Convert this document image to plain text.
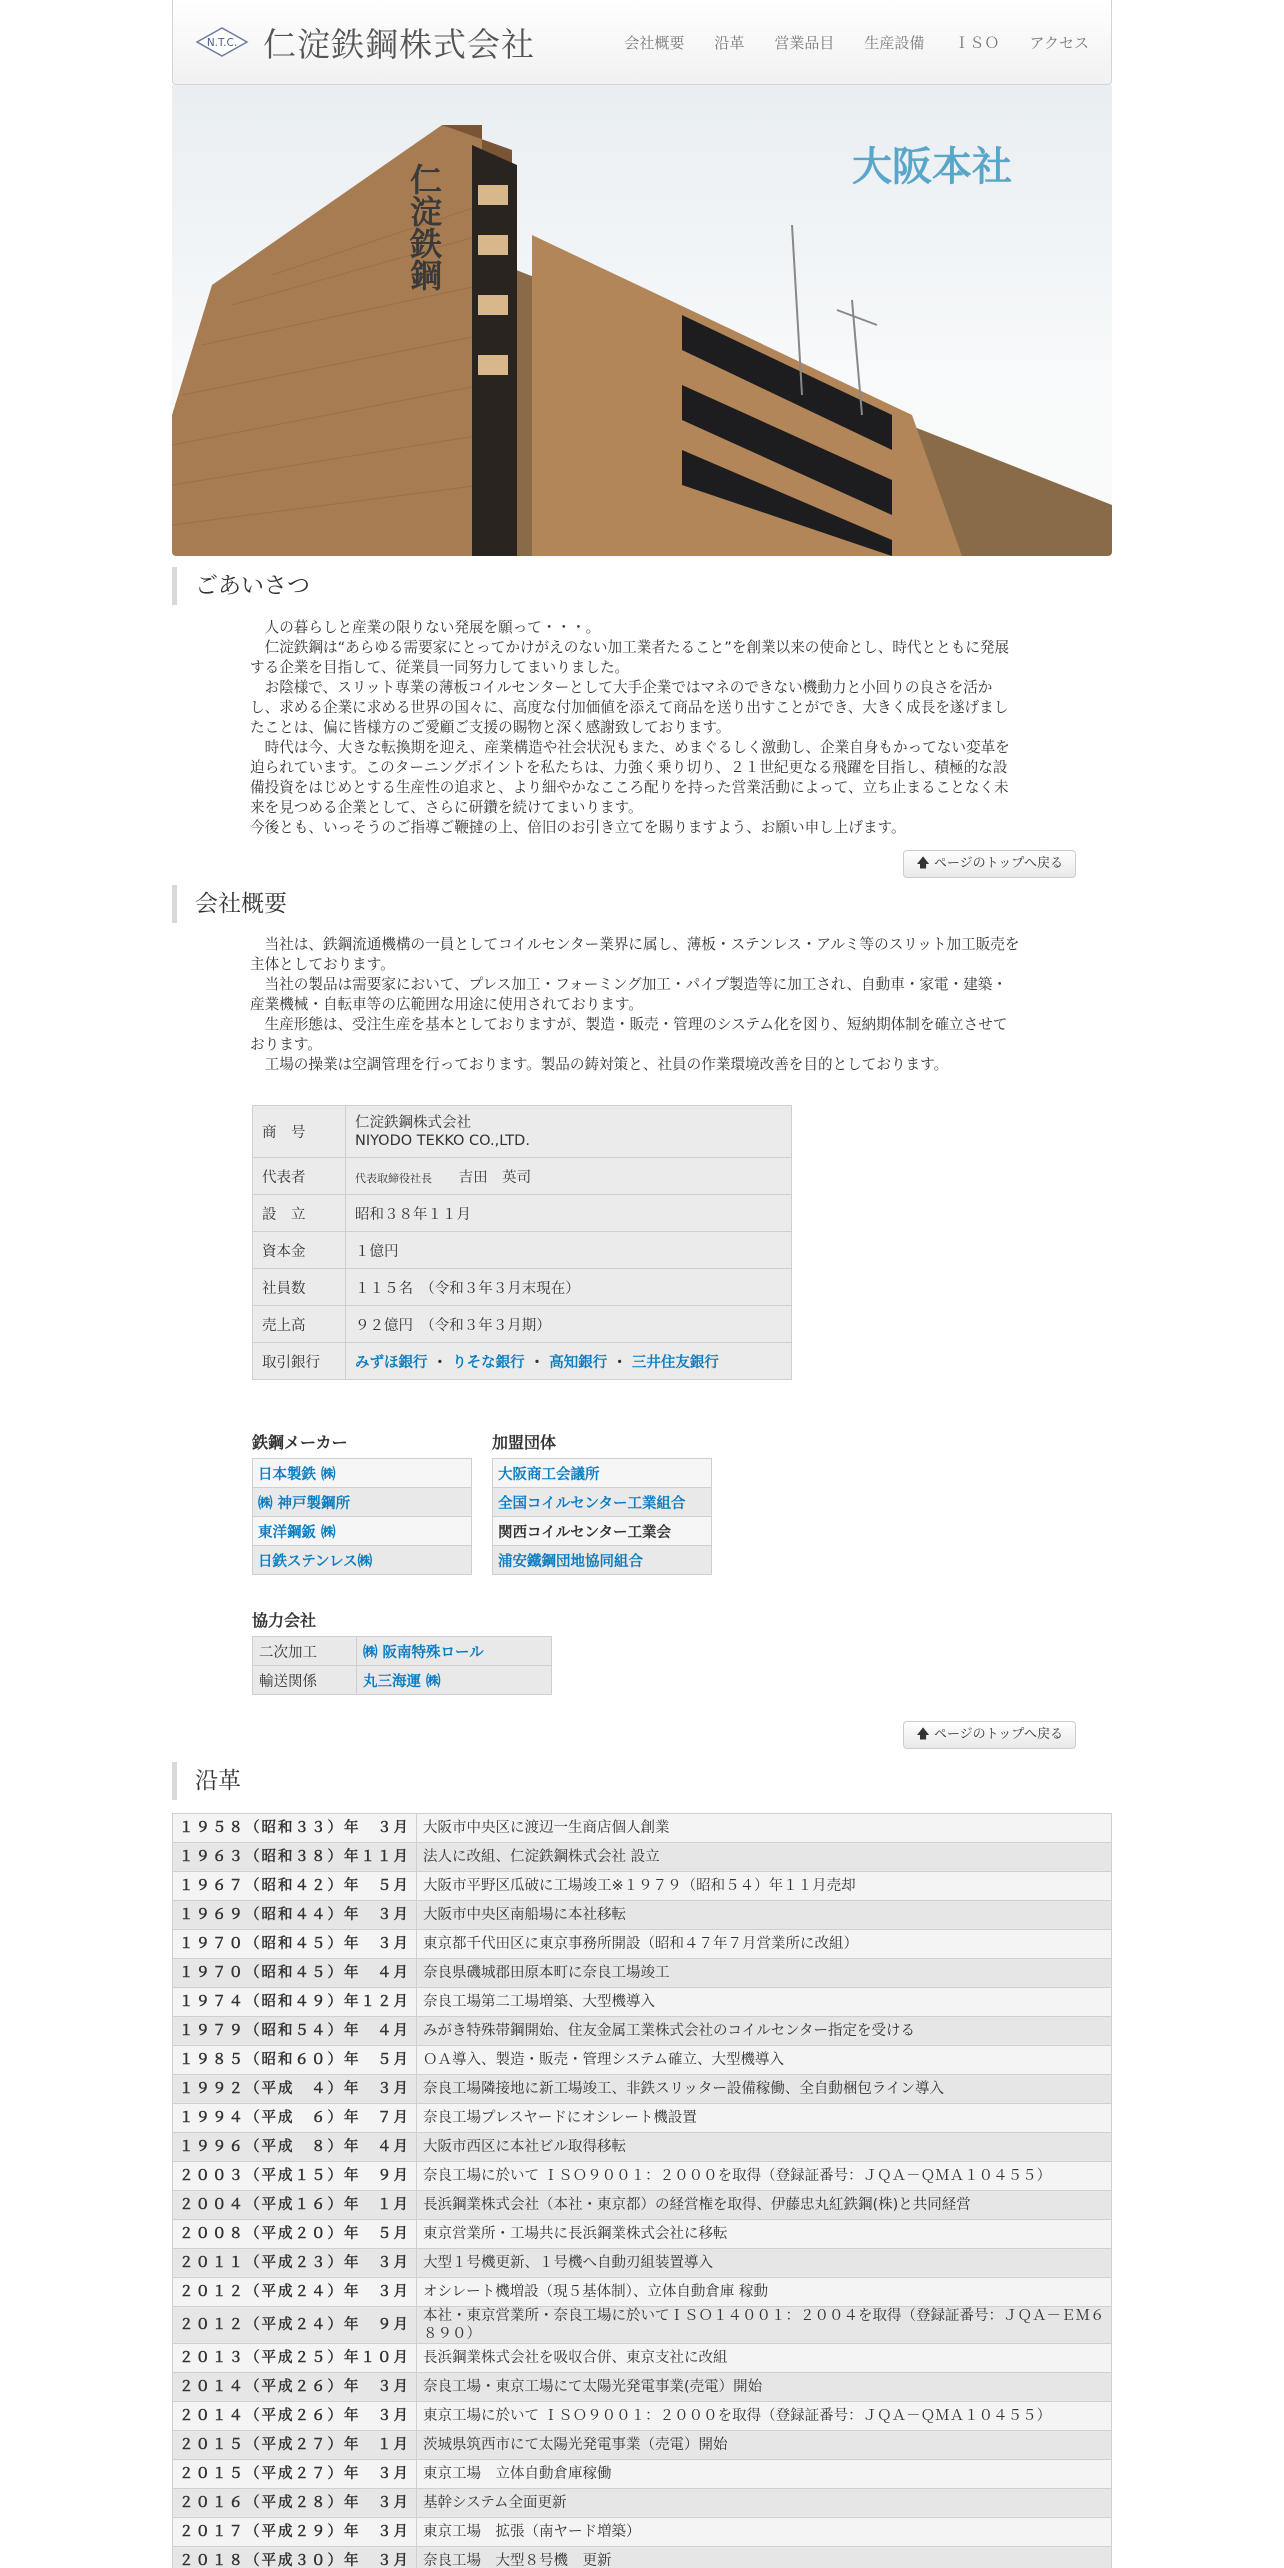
N.T.C. 仁淀鉄鋼株式会社	会社概要 沿革 営業品目 生産設備 ＩＳＯ アクセス
仁淀鉄鋼	大阪本社
ごあいさつ

　人の暮らしと産業の限りない発展を願って・・・。

　仁淀鉄鋼は“あらゆる需要家にとってかけがえのない加工業者たること”を創業以来の使命とし、時代とともに発展する企業を目指して、従業員一同努力してまいりました。

　お陰様で、スリット専業の薄板コイルセンターとして大手企業ではマネのできない機動力と小回りの良さを活かし、求める企業に求める世界の国々に、高度な付加価値を添えて商品を送り出すことができ、大きく成長を遂げましたことは、偏に皆様方のご愛顧ご支援の賜物と深く感謝致しております。

　時代は今、大きな転換期を迎え、産業構造や社会状況もまた、めまぐるしく激動し、企業自身もかってない変革を迫られています。このターニングポイントを私たちは、力強く乗り切り、２１世紀更なる飛躍を目指し、積極的な設備投資をはじめとする生産性の追求と、より細やかなこころ配りを持った営業活動によって、立ち止まることなく未来を見つめる企業として、さらに研鑽を続けてまいります。

今後とも、いっそうのご指導ご鞭撻の上、倍旧のお引き立てを賜りますよう、お願い申し上げます。

🡅 ページのトップへ戻る
会社概要

　当社は、鉄鋼流通機構の一員としてコイルセンター業界に属し、薄板・ステンレス・アルミ等のスリット加工販売を主体としております。

　当社の製品は需要家において、プレス加工・フォーミング加工・パイプ製造等に加工され、自動車・家電・建築・産業機械・自転車等の広範囲な用途に使用されております。

　生産形態は、受注生産を基本としておりますが、製造・販売・管理のシステム化を図り、短納期体制を確立させております。

　工場の操業は空調管理を行っております。製品の鋳対策と、社員の作業環境改善を目的としております。

商　号	仁淀鉄鋼株式会社
NIYODO TEKKO CO.,LTD.

代表者	代表取締役社長 吉田　英司
設　立	昭和３８年１１月
資本金	１億円
社員数	１１５名　（令和３年３月末現在）
売上高	９２億円　（令和３年３月期）
取引銀行	みずほ銀行 ・ りそな銀行 ・ 高知銀行 ・ 三井住友銀行
鉄鋼メーカー
日本製鉄 ㈱
㈱ 神戸製鋼所
東洋鋼鈑 ㈱
日鉄ステンレス㈱
加盟団体
大阪商工会議所
全国コイルセンター工業組合
関西コイルセンター工業会
浦安鐵鋼団地協同組合
協力会社
二次加工	㈱ 阪南特殊ロール
輸送関係	丸三海運 ㈱
🡅 ページのトップへ戻る
沿革
１９５８（昭和３３）年　３月	大阪市中央区に渡辺一生商店個人創業
１９６３（昭和３８）年１１月	法人に改組、仁淀鉄鋼株式会社 設立
１９６７（昭和４２）年　５月	大阪市平野区瓜破に工場竣工※１９７９（昭和５４）年１１月売却
１９６９（昭和４４）年　３月	大阪市中央区南船場に本社移転
１９７０（昭和４５）年　３月	東京都千代田区に東京事務所開設（昭和４７年７月営業所に改組）
１９７０（昭和４５）年　４月	奈良県磯城郡田原本町に奈良工場竣工
１９７４（昭和４９）年１２月	奈良工場第二工場増築、大型機導入
１９７９（昭和５４）年　４月	みがき特殊帯鋼開始、住友金属工業株式会社のコイルセンター指定を受ける
１９８５（昭和６０）年　５月	ＯＡ導入、製造・販売・管理システム確立、大型機導入
１９９２（平成　４）年　３月	奈良工場隣接地に新工場竣工、非鉄スリッター設備稼働、全自動梱包ライン導入
１９９４（平成　６）年　７月	奈良工場プレスヤードにオシレート機設置
１９９６（平成　８）年　４月	大阪市西区に本社ビル取得移転
２００３（平成１５）年　９月	奈良工場に於いて ＩＳＯ９００１：２０００を取得（登録証番号：ＪＱＡ－ＱＭＡ１０４５５）
２００４（平成１６）年　１月	長浜鋼業株式会社（本社・東京都）の経営権を取得、伊藤忠丸紅鉄鋼(株)と共同経営
２００８（平成２０）年　５月	東京営業所・工場共に長浜鋼業株式会社に移転
２０１１（平成２３）年　３月	大型１号機更新、１号機へ自動刃組装置導入
２０１２（平成２４）年　３月	オシレート機増設（現５基体制）、立体自動倉庫 稼動
２０１２（平成２４）年　９月	本社・東京営業所・奈良工場に於いてＩＳＯ１４００１：２００４を取得（登録証番号：ＪＱＡ－ＥＭ６８９０）
２０１３（平成２５）年１０月	長浜鋼業株式会社を吸収合併、東京支社に改組
２０１４（平成２６）年　３月	奈良工場・東京工場にて太陽光発電事業(売電）開始
２０１４（平成２６）年　３月	東京工場に於いて ＩＳＯ９００１：２０００を取得（登録証番号：ＪＱＡ－ＱＭＡ１０４５５）
２０１５（平成２７）年　１月	茨城県筑西市にて太陽光発電事業（売電）開始
２０１５（平成２７）年　３月	東京工場　立体自動倉庫稼働
２０１６（平成２８）年　３月	基幹システム全面更新
２０１７（平成２９）年　３月	東京工場　拡張（南ヤード増築）
２０１８（平成３０）年　３月	奈良工場　大型８号機　更新
